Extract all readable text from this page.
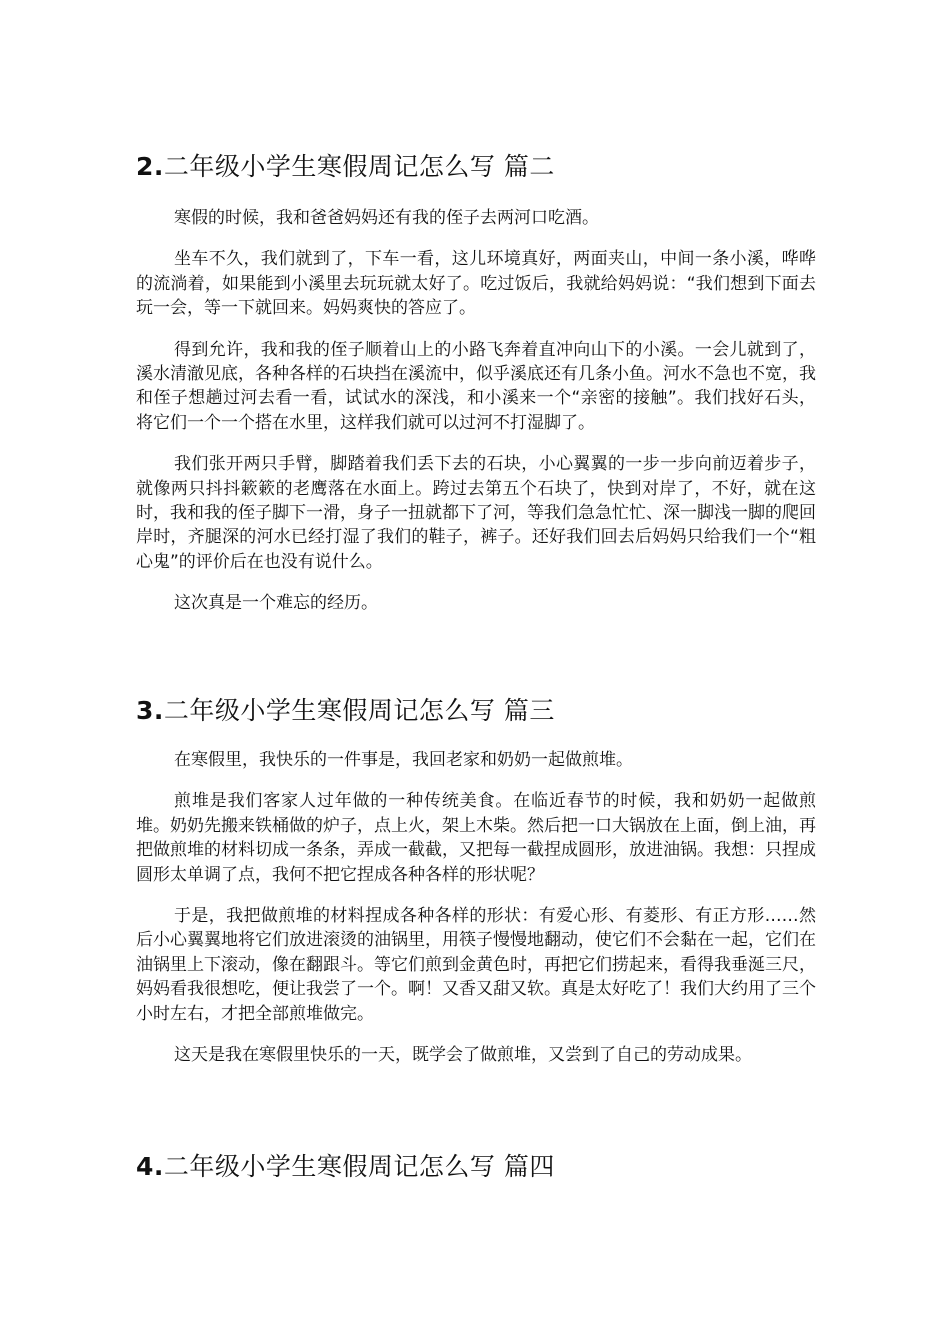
2.二年级小学生寒假周记怎么写 篇二

寒假的时候，我和爸爸妈妈还有我的侄子去两河口吃酒。

坐车不久，我们就到了，下车一看，这儿环境真好，两面夹山，中间一条小溪，哗哗的流淌着，如果能到小溪里去玩玩就太好了。吃过饭后，我就给妈妈说：“我们想到下面去玩一会，等一下就回来。妈妈爽快的答应了。

得到允许，我和我的侄子顺着山上的小路飞奔着直冲向山下的小溪。一会儿就到了，溪水清澈见底，各种各样的石块挡在溪流中，似乎溪底还有几条小鱼。河水不急也不宽，我和侄子想趟过河去看一看，试试水的深浅，和小溪来一个“亲密的接触”。我们找好石头，将它们一个一个搭在水里，这样我们就可以过河不打湿脚了。

我们张开两只手臂，脚踏着我们丢下去的石块，小心翼翼的一步一步向前迈着步子，就像两只抖抖簌簌的老鹰落在水面上。跨过去第五个石块了，快到对岸了，不好，就在这时，我和我的侄子脚下一滑，身子一扭就都下了河，等我们急急忙忙、深一脚浅一脚的爬回岸时，齐腿深的河水已经打湿了我们的鞋子，裤子。还好我们回去后妈妈只给我们一个“粗心鬼”的评价后在也没有说什么。

这次真是一个难忘的经历。

3.二年级小学生寒假周记怎么写 篇三

在寒假里，我快乐的一件事是，我回老家和奶奶一起做煎堆。

煎堆是我们客家人过年做的一种传统美食。在临近春节的时候，我和奶奶一起做煎堆。奶奶先搬来铁桶做的炉子，点上火，架上木柴。然后把一口大锅放在上面，倒上油，再把做煎堆的材料切成一条条，弄成一截截，又把每一截捏成圆形，放进油锅。我想：只捏成圆形太单调了点，我何不把它捏成各种各样的形状呢？

于是，我把做煎堆的材料捏成各种各样的形状：有爱心形、有菱形、有正方形……然后小心翼翼地将它们放进滚烫的油锅里，用筷子慢慢地翻动，使它们不会黏在一起，它们在油锅里上下滚动，像在翻跟斗。等它们煎到金黄色时，再把它们捞起来，看得我垂涎三尺，妈妈看我很想吃，便让我尝了一个。啊！又香又甜又软。真是太好吃了！我们大约用了三个小时左右，才把全部煎堆做完。

这天是我在寒假里快乐的一天，既学会了做煎堆，又尝到了自己的劳动成果。

4.二年级小学生寒假周记怎么写 篇四
